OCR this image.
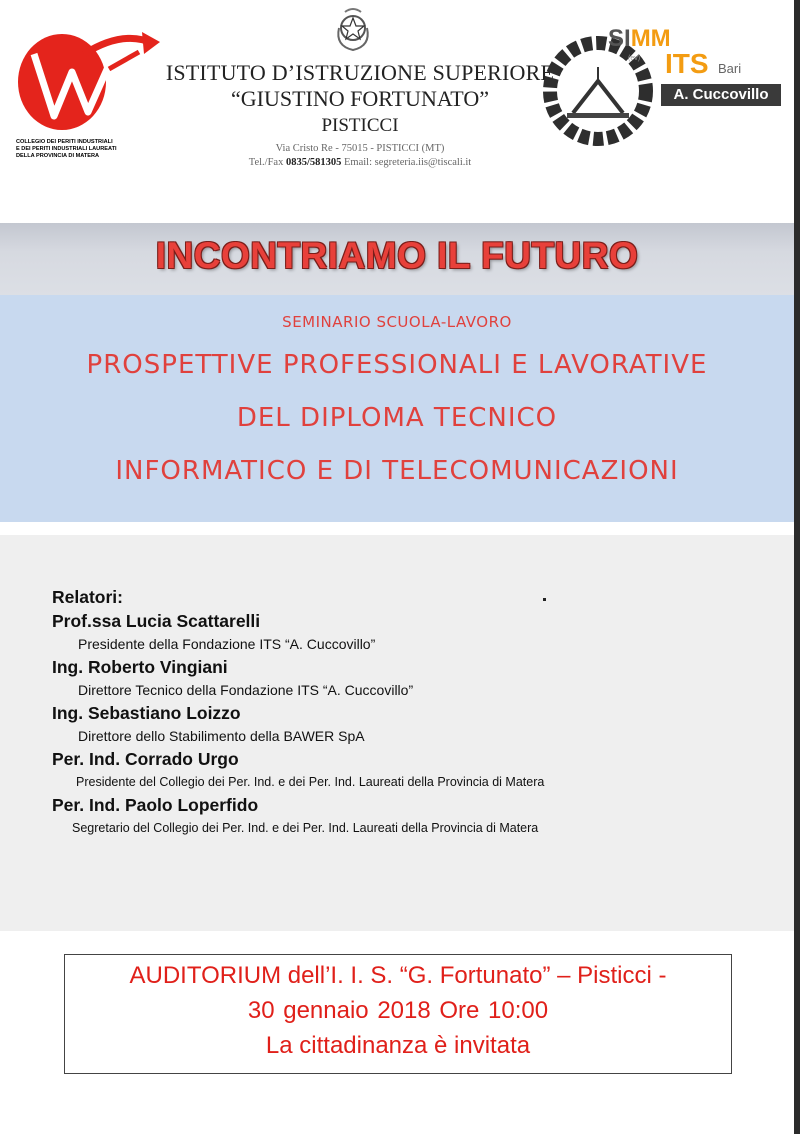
COLLEGIO DEI PERITI INDUSTRIALI
E DEI PERITI INDUSTRIALI LAUREATI
DELLA PROVINCIA DI MATERA
ISTITUTO D’ISTRUZIONE SUPERIORE
“GIUSTINO FORTUNATO”
PISTICCI
Via Cristo Re - 75015 - PISTICCI (MT)
Tel./Fax 0835/581305 Email: segreteria.iis@tiscali.it
SIMM
(ev) ITS Bari
A. Cuccovillo
INCONTRIAMO IL FUTURO
SEMINARIO SCUOLA-LAVORO
PROSPETTIVE PROFESSIONALI E LAVORATIVE
DEL DIPLOMA TECNICO
INFORMATICO E DI TELECOMUNICAZIONI
Relatori:
Prof.ssa Lucia Scattarelli
Presidente della Fondazione ITS “A. Cuccovillo”
Ing. Roberto Vingiani
Direttore Tecnico della Fondazione ITS “A. Cuccovillo”
Ing. Sebastiano Loizzo
Direttore dello Stabilimento della BAWER SpA
Per. Ind. Corrado Urgo
Presidente del Collegio dei Per. Ind. e dei Per. Ind. Laureati della Provincia di Matera
Per. Ind. Paolo Loperfido
Segretario del Collegio dei Per. Ind. e dei Per. Ind. Laureati della Provincia di Matera
AUDITORIUM dell’I. I. S. “G. Fortunato” – Pisticci -
30 gennaio 2018 Ore 10:00
La cittadinanza è invitata
